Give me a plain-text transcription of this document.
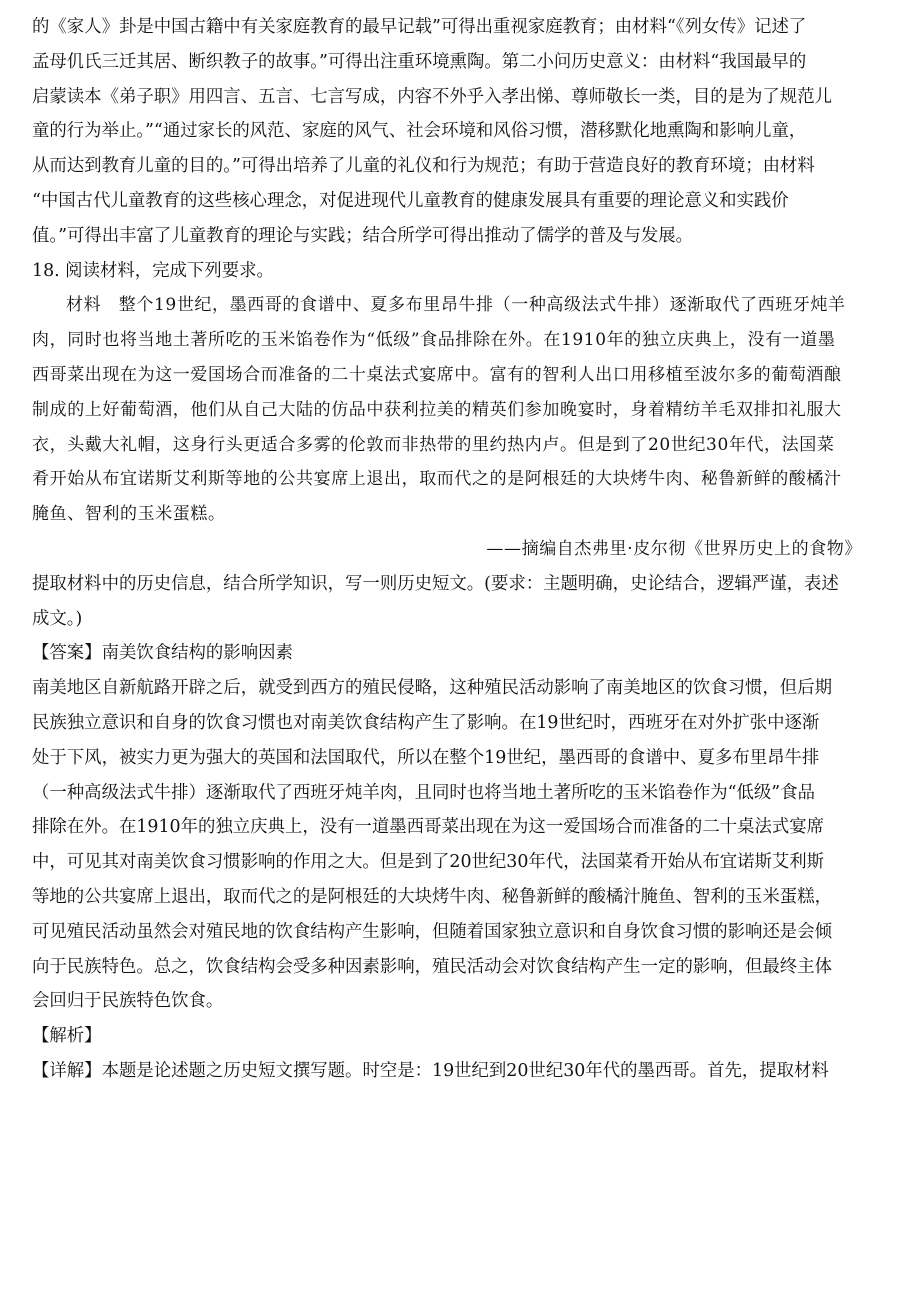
的《家人》卦是中国古籍中有关家庭教育的最早记载”可得出重视家庭教育；由材料“《列女传》记述了
孟母仉氏三迁其居、断织教子的故事。”可得出注重环境熏陶。第二小问历史意义：由材料“我国最早的
启蒙读本《弟子职》用四言、五言、七言写成，内容不外乎入孝出悌、尊师敬长一类，目的是为了规范儿
童的行为举止。”“通过家长的风范、家庭的风气、社会环境和风俗习惯，潜移默化地熏陶和影响儿童，
从而达到教育儿童的目的。”可得出培养了儿童的礼仪和行为规范；有助于营造良好的教育环境；由材料
“中国古代儿童教育的这些核心理念，对促进现代儿童教育的健康发展具有重要的理论意义和实践价
值。”可得出丰富了儿童教育的理论与实践；结合所学可得出推动了儒学的普及与发展。

18. 阅读材料，完成下列要求。

材料　整个19世纪，墨西哥的食谱中、夏多布里昂牛排（一种高级法式牛排）逐渐取代了西班牙炖羊
肉，同时也将当地土著所吃的玉米馅卷作为“低级”食品排除在外。在1910年的独立庆典上，没有一道墨
西哥菜出现在为这一爱国场合而准备的二十桌法式宴席中。富有的智利人出口用移植至波尔多的葡萄酒酿
制成的上好葡萄酒，他们从自己大陆的仿品中获利拉美的精英们参加晚宴时，身着精纺羊毛双排扣礼服大
衣，头戴大礼帽，这身行头更适合多雾的伦敦而非热带的里约热内卢。但是到了20世纪30年代，法国菜
肴开始从布宜诺斯艾利斯等地的公共宴席上退出，取而代之的是阿根廷的大块烤牛肉、秘鲁新鲜的酸橘汁
腌鱼、智利的玉米蛋糕。
——摘编自杰弗里·皮尔彻《世界历史上的食物》

提取材料中的历史信息，结合所学知识，写一则历史短文。(要求：主题明确，史论结合，逻辑严谨，表述
成文。)

【答案】南美饮食结构的影响因素
南美地区自新航路开辟之后，就受到西方的殖民侵略，这种殖民活动影响了南美地区的饮食习惯，但后期
民族独立意识和自身的饮食习惯也对南美饮食结构产生了影响。在19世纪时，西班牙在对外扩张中逐渐
处于下风，被实力更为强大的英国和法国取代，所以在整个19世纪，墨西哥的食谱中、夏多布里昂牛排
（一种高级法式牛排）逐渐取代了西班牙炖羊肉，且同时也将当地土著所吃的玉米馅卷作为“低级”食品
排除在外。在1910年的独立庆典上，没有一道墨西哥菜出现在为这一爱国场合而准备的二十桌法式宴席
中，可见其对南美饮食习惯影响的作用之大。但是到了20世纪30年代，法国菜肴开始从布宜诺斯艾利斯
等地的公共宴席上退出，取而代之的是阿根廷的大块烤牛肉、秘鲁新鲜的酸橘汁腌鱼、智利的玉米蛋糕，
可见殖民活动虽然会对殖民地的饮食结构产生影响，但随着国家独立意识和自身饮食习惯的影响还是会倾
向于民族特色。总之，饮食结构会受多种因素影响，殖民活动会对饮食结构产生一定的影响，但最终主体
会回归于民族特色饮食。

【解析】
【详解】本题是论述题之历史短文撰写题。时空是：19世纪到20世纪30年代的墨西哥。首先，提取材料
